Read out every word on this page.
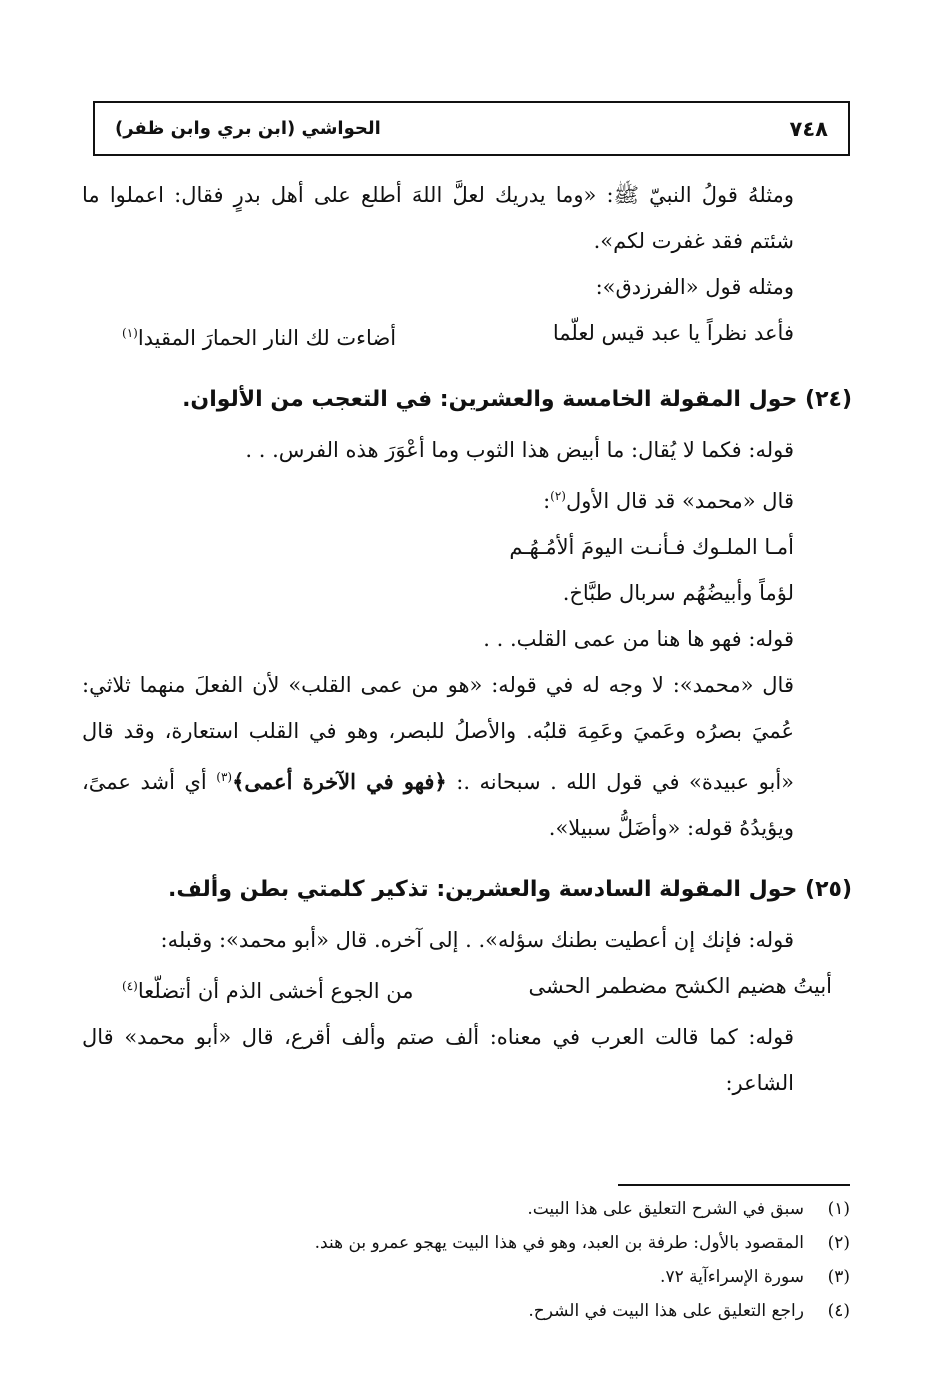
٧٤٨
الحواشي (ابن بري وابن ظفر)

ومثلهُ قولُ النبيّ ﷺ: «وما يدريك لعلَّ اللهَ أطلع على أهل بدرٍ فقال: اعملوا ما شئتم فقد غفرت لكم».

ومثله قول «الفرزدق»:

فأعد نظراً يا عبد قيس لعلّما
أضاءت لك النار الحمارَ المقيدا$^{(١)}$

(٢٤) حول المقولة الخامسة والعشرين: في التعجب من الألوان.

قوله: فكما لا يُقال: ما أبيض هذا الثوب وما أعْوَرَ هذه الفرس. . .

قال «محمد» قد قال الأول$^{(٢)}$:

أمـا الملـوك فـأنـت اليومَ ألأمُـهُـم

لؤماً وأبيضُهُم سربال طبَّاخ.

قوله: فهو ها هنا من عمى القلب. . .

قال «محمد»: لا وجه له في قوله: «هو من عمى القلب» لأن الفعلَ منهما ثلاثي: عُميَ بصرُه وعَميَ وعَمِهَ قلبُه. والأصلُ للبصر، وهو في القلب استعارة، وقد قال «أبو عبيدة» في قول الله . سبحانه .: ﴿فهو في الآخرة أعمى﴾$^{(٣)}$ أي أشد عمىً، ويؤيدُهُ قوله: «وأضَلُّ سبيلا».

(٢٥) حول المقولة السادسة والعشرين: تذكير كلمتي بطن وألف.

قوله: فإنك إن أعطيت بطنك سؤله». . إلى آخره. قال «أبو محمد»: وقبله:

أبيتُ هضيم الكشح مضطمر الحشى
من الجوع أخشى الذم أن أتضلّعا$^{(٤)}$

قوله: كما قالت العرب في معناه: ألف صتم وألف أقرع، قال «أبو محمد» قال الشاعر:

(١)
سبق في الشرح التعليق على هذا البيت.
(٢)
المقصود بالأول: طرفة بن العبد، وهو في هذا البيت يهجو عمرو بن هند.
(٣)
سورة الإسراءآية ٧٢.
(٤)
راجع التعليق على هذا البيت في الشرح.
